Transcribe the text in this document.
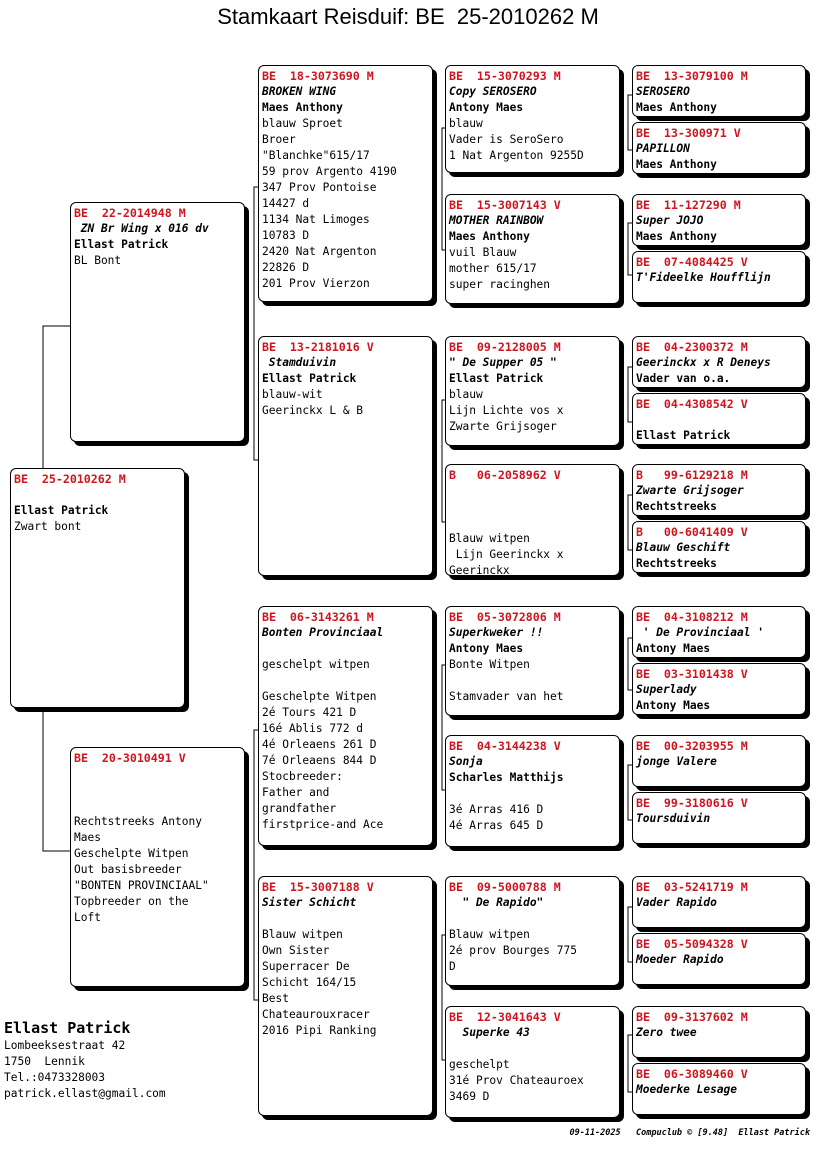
Stamkaart Reisduif: BE  25-2010262 M
BE  25-2010262 M
Ellast Patrick
Zwart bont
BE  22-2014948 M
ZN Br Wing x 016 dv
Ellast Patrick
BL Bont
BE  20-3010491 V
Rechtstreeks Antony
Maes
Geschelpte Witpen
Out basisbreeder
"BONTEN PROVINCIAAL"
Topbreeder on the
Loft
BE  18-3073690 M
BROKEN WING
Maes Anthony
blauw Sproet
Broer
"Blanchke"615/17
59 prov Argento 4190
347 Prov Pontoise
14427 d
1134 Nat Limoges
10783 D
2420 Nat Argenton
22826 D
201 Prov Vierzon
BE  13-2181016 V
Stamduivin
Ellast Patrick
blauw-wit
Geerinckx L & B
BE  06-3143261 M
Bonten Provinciaal
geschelpt witpen
Geschelpte Witpen
2é Tours 421 D
16é Ablis 772 d
4é Orleaens 261 D
7é Orleaens 844 D
Stocbreeder:
Father and
grandfather
firstprice-and Ace
BE  15-3007188 V
Sister Schicht
Blauw witpen
Own Sister
Superracer De
Schicht 164/15
Best
Chateaurouxracer
2016 Pipi Ranking
BE  15-3070293 M
Copy SEROSERO
Antony Maes
blauw
Vader is SeroSero
1 Nat Argenton 9255D
BE  15-3007143 V
MOTHER RAINBOW
Maes Anthony
vuil Blauw
mother 615/17
super racinghen
BE  09-2128005 M
" De Supper 05 "
Ellast Patrick
blauw
Lijn Lichte vos x
Zwarte Grijsoger
B   06-2058962 V
Blauw witpen
Lijn Geerinckx x
Geerinckx
BE  05-3072806 M
Superkweker !!
Antony Maes
Bonte Witpen
Stamvader van het
BE  04-3144238 V
Sonja
Scharles Matthijs
3é Arras 416 D
4é Arras 645 D
BE  09-5000788 M
" De Rapido"
Blauw witpen
2é prov Bourges 775
D
BE  12-3041643 V
Superke 43
geschelpt
31é Prov Chateauroex
3469 D
BE  13-3079100 M
SEROSERO
Maes Anthony
BE  13-300971 V
PAPILLON
Maes Anthony
BE  11-127290 M
Super JOJO
Maes Anthony
BE  07-4084425 V
T'Fideelke Houfflijn
BE  04-2300372 M
Geerinckx x R Deneys
Vader van o.a.
BE  04-4308542 V
Ellast Patrick
B   99-6129218 M
Zwarte Grijsoger
Rechtstreeks
B   00-6041409 V
Blauw Geschift
Rechtstreeks
BE  04-3108212 M
' De Provinciaal '
Antony Maes
BE  03-3101438 V
Superlady
Antony Maes
BE  00-3203955 M
jonge Valere
BE  99-3180616 V
Toursduivin
BE  03-5241719 M
Vader Rapido
BE  05-5094328 V
Moeder Rapido
BE  09-3137602 M
Zero twee
BE  06-3089460 V
Moederke Lesage
Ellast Patrick
Lombeeksestraat 42
1750  Lennik
Tel.:0473328003
patrick.ellast@gmail.com
09-11-2025   Compuclub © [9.48]  Ellast Patrick
